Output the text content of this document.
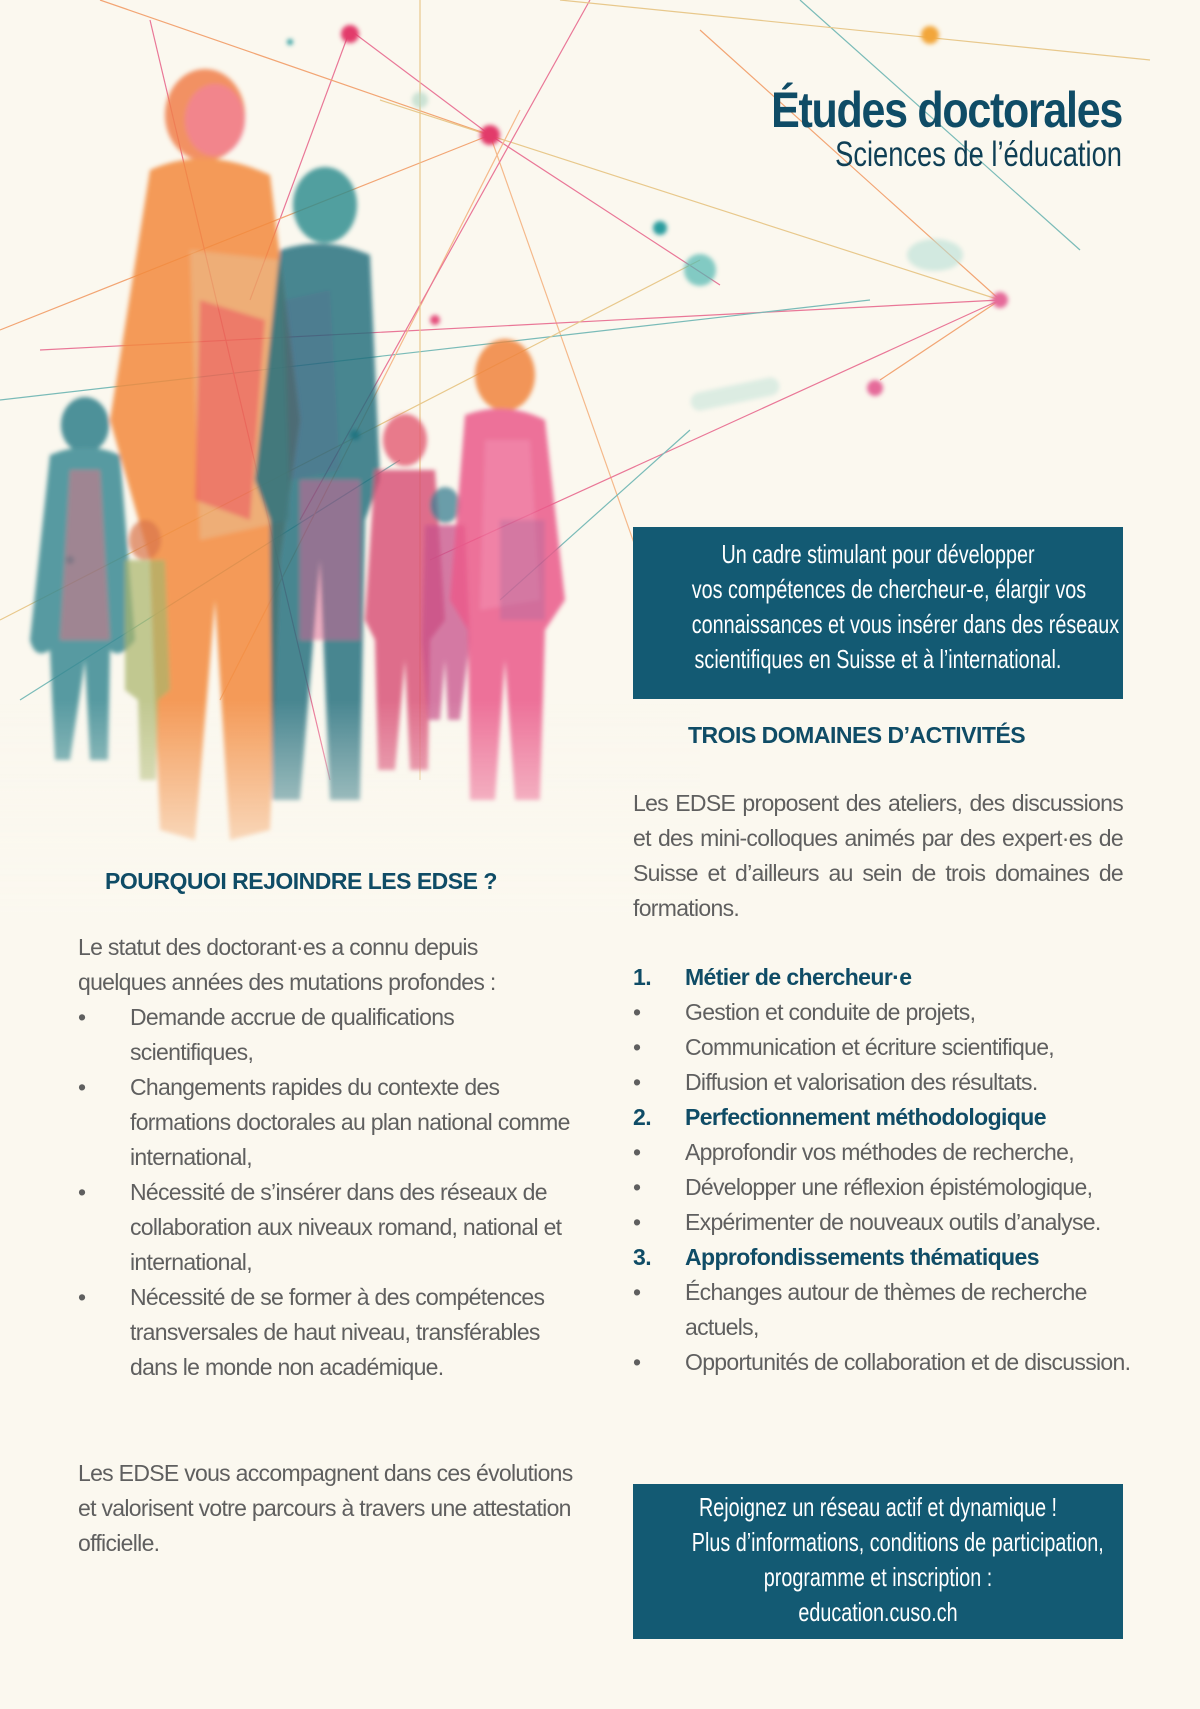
Études doctorales
Sciences de l’éducation
Un cadre stimulant pour développer
vos compétences de chercheur-e, élargir vos
connaissances et vous insérer dans des réseaux
scientifiques en Suisse et à l’international.
TROIS DOMAINES D’ACTIVITÉS

Les EDSE proposent des ateliers, des discussions et des mini-colloques animés par des expert·es de Suisse et d’ailleurs au sein de trois domaines de formations.

1. Métier de chercheur·e
• Gestion et conduite de projets,
• Communication et écriture scientifique,
• Diffusion et valorisation des résultats.
2. Perfectionnement méthodologique
• Approfondir vos méthodes de recherche,
• Développer une réflexion épistémologique,
• Expérimenter de nouveaux outils d’analyse.
3. Approfondissements thématiques
• Échanges autour de thèmes de recherche actuels,
• Opportunités de collaboration et de discussion.
POURQUOI REJOINDRE LES EDSE ?

Le statut des doctorant·es a connu depuis quelques années des mutations profondes :

• Demande accrue de qualifications scientifiques,
• Changements rapides du contexte des formations doctorales au plan national comme international,
• Nécessité de s’insérer dans des réseaux de collaboration aux niveaux romand, national et international,
• Nécessité de se former à des compétences transversales de haut niveau, transférables dans le monde non académique.

Les EDSE vous accompagnent dans ces évolutions et valorisent votre parcours à travers une attestation officielle.

Rejoignez un réseau actif et dynamique !
Plus d’informations, conditions de participation,
programme et inscription :
education.cuso.ch
